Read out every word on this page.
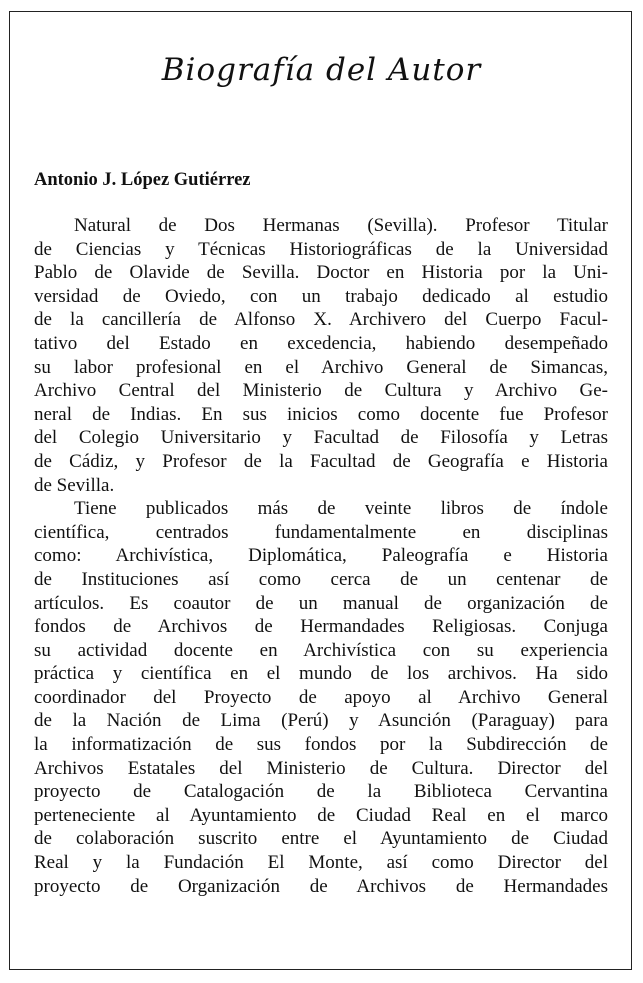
Biografía del Autor
Antonio J. López Gutiérrez
Natural de Dos Hermanas (Sevilla). Profesor Titular
de Ciencias y Técnicas Historiográficas de la Universidad
Pablo de Olavide de Sevilla. Doctor en Historia por la Uni-
versidad de Oviedo, con un trabajo dedicado al estudio
de la cancillería de Alfonso X. Archivero del Cuerpo Facul-
tativo del Estado en excedencia, habiendo desempeñado
su labor profesional en el Archivo General de Simancas,
Archivo Central del Ministerio de Cultura y Archivo Ge-
neral de Indias. En sus inicios como docente fue Profesor
del Colegio Universitario y Facultad de Filosofía y Letras
de Cádiz, y Profesor de la Facultad de Geografía e Historia
de Sevilla.
Tiene publicados más de veinte libros de índole
científica, centrados fundamentalmente en disciplinas
como: Archivística, Diplomática, Paleografía e Historia
de Instituciones así como cerca de un centenar de
artículos. Es coautor de un manual de organización de
fondos de Archivos de Hermandades Religiosas. Conjuga
su actividad docente en Archivística con su experiencia
práctica y científica en el mundo de los archivos. Ha sido
coordinador del Proyecto de apoyo al Archivo General
de la Nación de Lima (Perú) y Asunción (Paraguay) para
la informatización de sus fondos por la Subdirección de
Archivos Estatales del Ministerio de Cultura. Director del
proyecto de Catalogación de la Biblioteca Cervantina
perteneciente al Ayuntamiento de Ciudad Real en el marco
de colaboración suscrito entre el Ayuntamiento de Ciudad
Real y la Fundación El Monte, así como Director del
proyecto de Organización de Archivos de Hermandades
